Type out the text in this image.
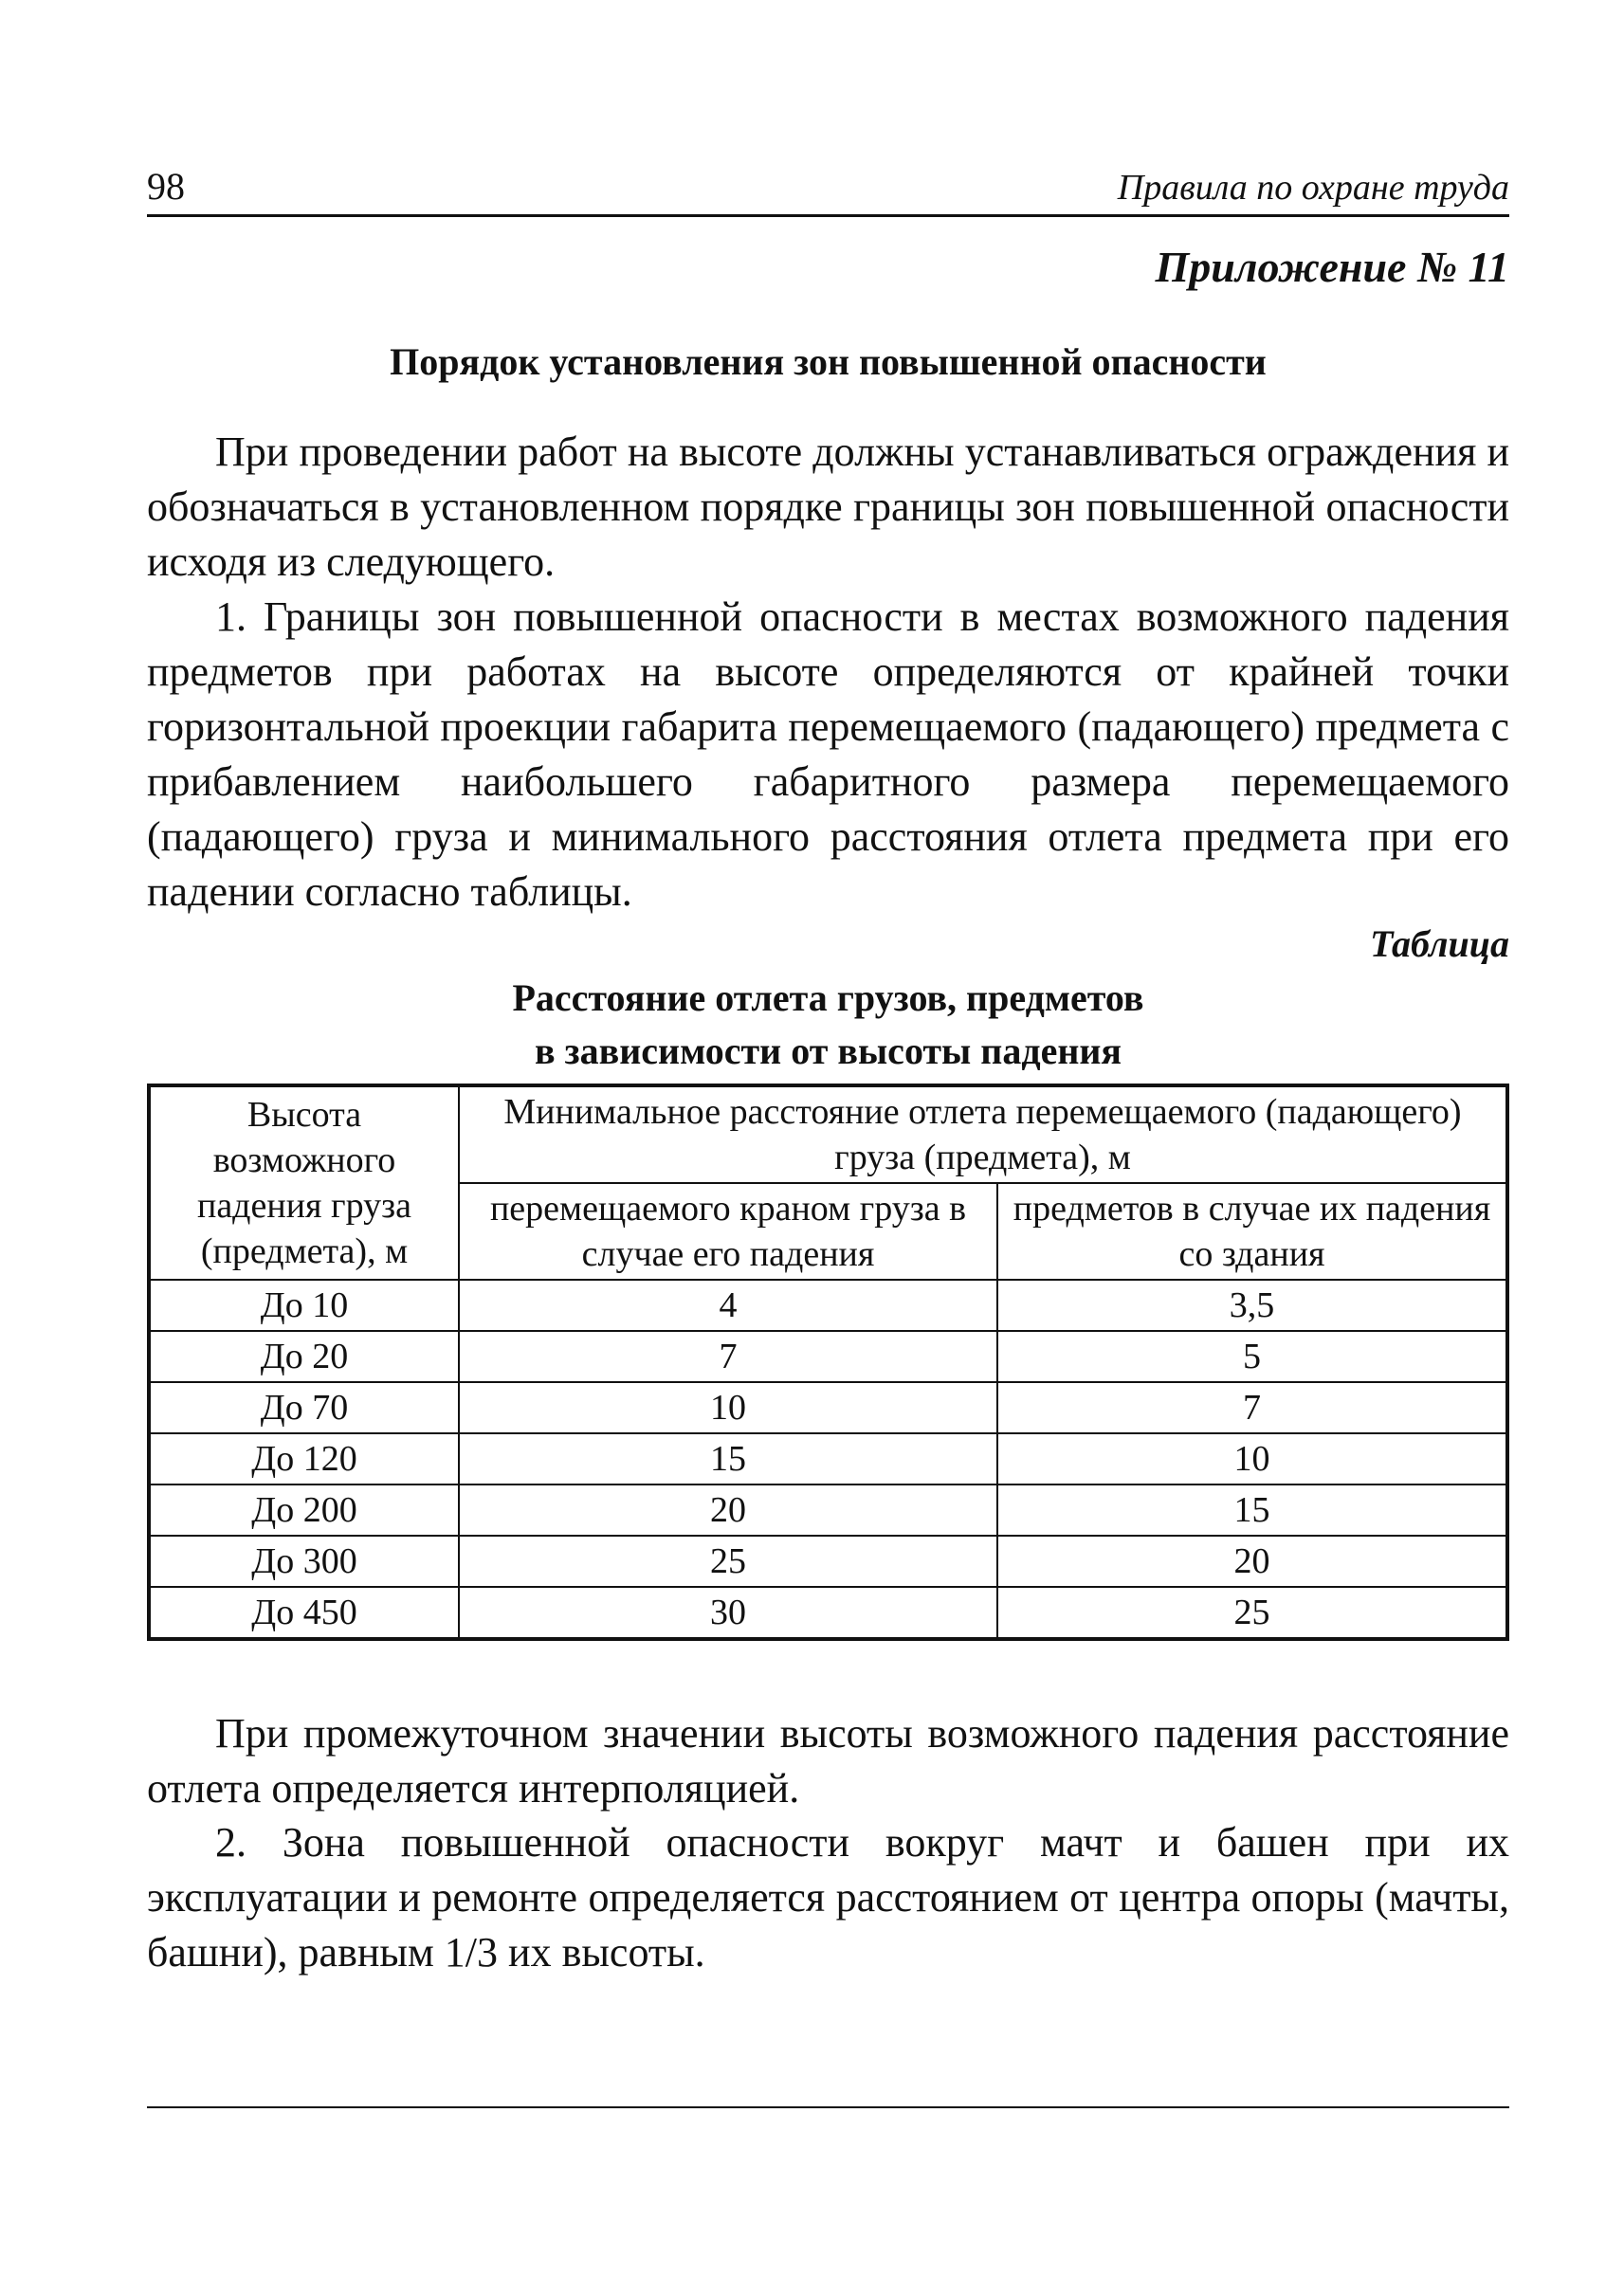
98	Правила по охране труда
Приложение № 11
Порядок установления зон повышенной опасности

При проведении работ на высоте должны устанавливаться ограждения и обозначаться в установленном порядке границы зон повышенной опасности исходя из следующего.

1. Границы зон повышенной опасности в местах возможного падения предметов при работах на высоте определяются от крайней точки горизонтальной проекции габарита перемещаемого (падающего) предмета с прибавлением наибольшего габаритного размера перемещаемого (падающего) груза и минимального расстояния отлета предмета при его падении согласно таблицы.

Таблица
Расстояние отлета грузов, предметов
в зависимости от высоты падения
Высота возможного падения груза (предмета), м	Минимальное расстояние отлета перемещаемого (падающего) груза (предмета), м	
	перемещаемого краном груза в случае его падения	предметов в случае их падения со здания
До 10	4	3,5
До 20	7	5
До 70	10	7
До 120	15	10
До 200	20	15
До 300	25	20
До 450	30	25

При промежуточном значении высоты возможного падения расстояние отлета определяется интерполяцией.

2. Зона повышенной опасности вокруг мачт и башен при их эксплуатации и ремонте определяется расстоянием от центра опоры (мачты, башни), равным 1/3 их высоты.
